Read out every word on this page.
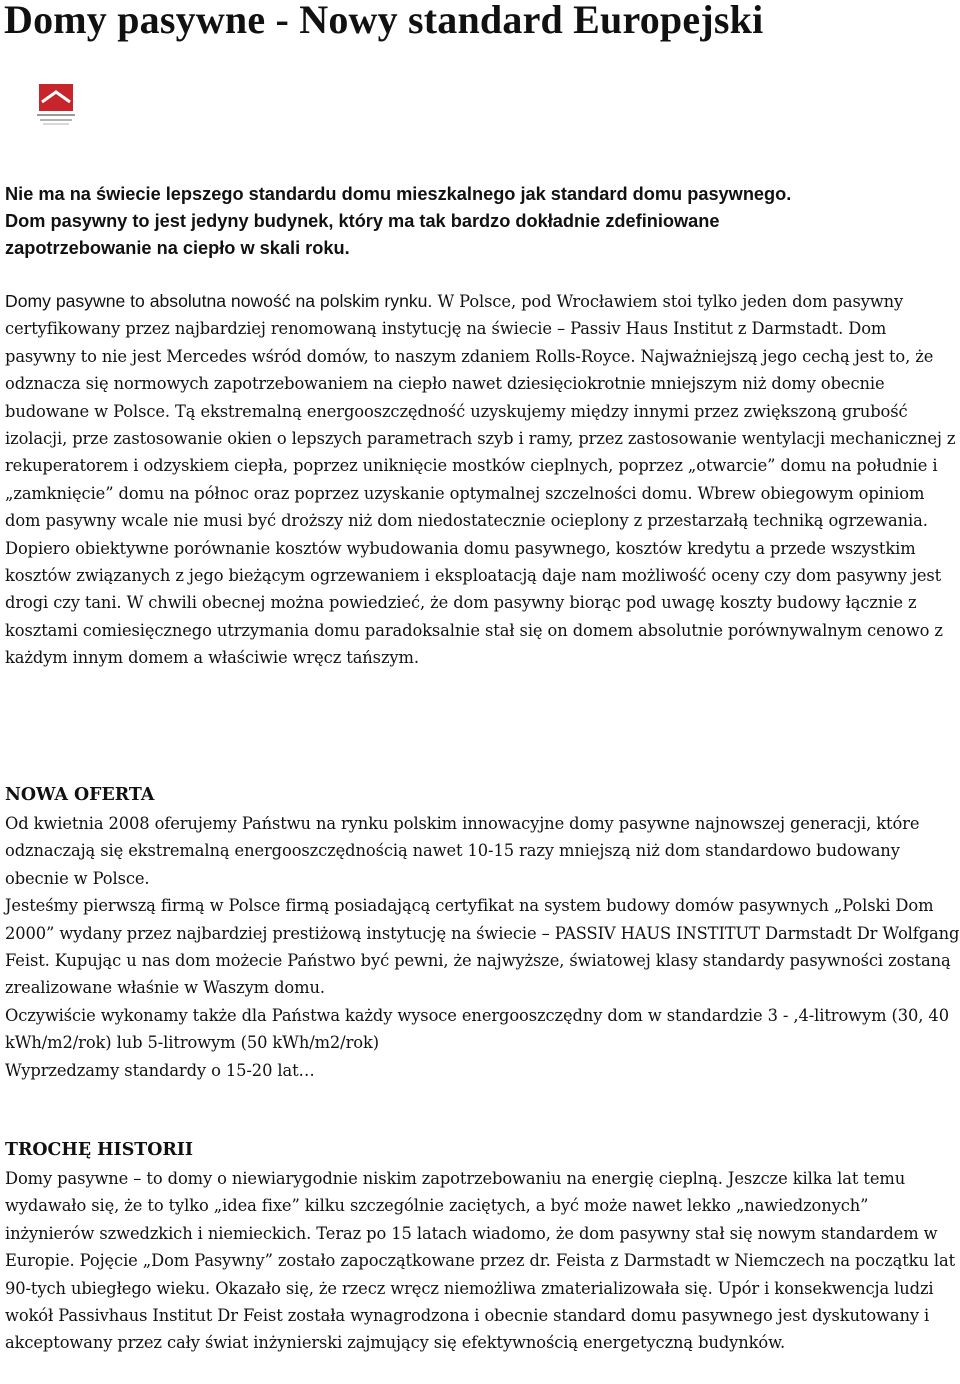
Domy pasywne - Nowy standard Europejski

Nie ma na świecie lepszego standardu domu mieszkalnego jak standard domu pasywnego.
Dom pasywny to jest jedyny budynek, który ma tak bardzo dokładnie zdefiniowane
zapotrzebowanie na ciepło w skali roku.

Domy pasywne to absolutna nowość na polskim rynku. W Polsce, pod Wrocławiem stoi tylko jeden dom pasywny certyfikowany przez najbardziej renomowaną instytucję na świecie – Passiv Haus Institut z Darmstadt. Dom pasywny to nie jest Mercedes wśród domów, to naszym zdaniem Rolls-Royce. Najważniejszą jego cechą jest to, że odznacza się normowych zapotrzebowaniem na ciepło nawet dziesięciokrotnie mniejszym niż domy obecnie budowane w Polsce. Tą ekstremalną energooszczędność uzyskujemy między innymi przez zwiększoną grubość izolacji, prze zastosowanie okien o lepszych parametrach szyb i ramy, przez zastosowanie wentylacji mechanicznej z rekuperatorem i odzyskiem ciepła, poprzez uniknięcie mostków cieplnych, poprzez „otwarcie” domu na południe i „zamknięcie” domu na północ oraz poprzez uzyskanie optymalnej szczelności domu. Wbrew obiegowym opiniom dom pasywny wcale nie musi być droższy niż dom niedostatecznie ocieplony z przestarzałą techniką ogrzewania. Dopiero obiektywne porównanie kosztów wybudowania domu pasywnego, kosztów kredytu a przede wszystkim kosztów związanych z jego bieżącym ogrzewaniem i eksploatacją daje nam możliwość oceny czy dom pasywny jest drogi czy tani. W chwili obecnej można powiedzieć, że dom pasywny biorąc pod uwagę koszty budowy łącznie z kosztami comiesięcznego utrzymania domu paradoksalnie stał się on domem absolutnie porównywalnym cenowo z każdym innym domem a właściwie wręcz tańszym.

NOWA OFERTA
Od kwietnia 2008 oferujemy Państwu na rynku polskim innowacyjne domy pasywne najnowszej generacji, które odznaczają się ekstremalną energooszczędnością nawet 10-15 razy mniejszą niż dom standardowo budowany obecnie w Polsce.
Jesteśmy pierwszą firmą w Polsce firmą posiadającą certyfikat na system budowy domów pasywnych „Polski Dom 2000” wydany przez najbardziej prestiżową instytucję na świecie – PASSIV HAUS INSTITUT Darmstadt Dr Wolfgang Feist. Kupując u nas dom możecie Państwo być pewni, że najwyższe, światowej klasy standardy pasywności zostaną zrealizowane właśnie w Waszym domu.
Oczywiście wykonamy także dla Państwa każdy wysoce energooszczędny dom w standardzie 3 - ,4-litrowym (30, 40 kWh/m2/rok) lub 5-litrowym (50 kWh/m2/rok)
Wyprzedzamy standardy o 15-20 lat…
TROCHĘ HISTORII

Domy pasywne – to domy o niewiarygodnie niskim zapotrzebowaniu na energię cieplną. Jeszcze kilka lat temu wydawało się, że to tylko „idea fixe” kilku szczególnie zaciętych, a być może nawet lekko „nawiedzonych” inżynierów szwedzkich i niemieckich. Teraz po 15 latach wiadomo, że dom pasywny stał się nowym standardem w Europie. Pojęcie „Dom Pasywny” zostało zapoczątkowane przez dr. Feista z Darmstadt w Niemczech na początku lat 90-tych ubiegłego wieku. Okazało się, że rzecz wręcz niemożliwa zmaterializowała się. Upór i konsekwencja ludzi wokół Passivhaus Institut Dr Feist została wynagrodzona i obecnie standard domu pasywnego jest dyskutowany i akceptowany przez cały świat inżynierski zajmujący się efektywnością energetyczną budynków.
